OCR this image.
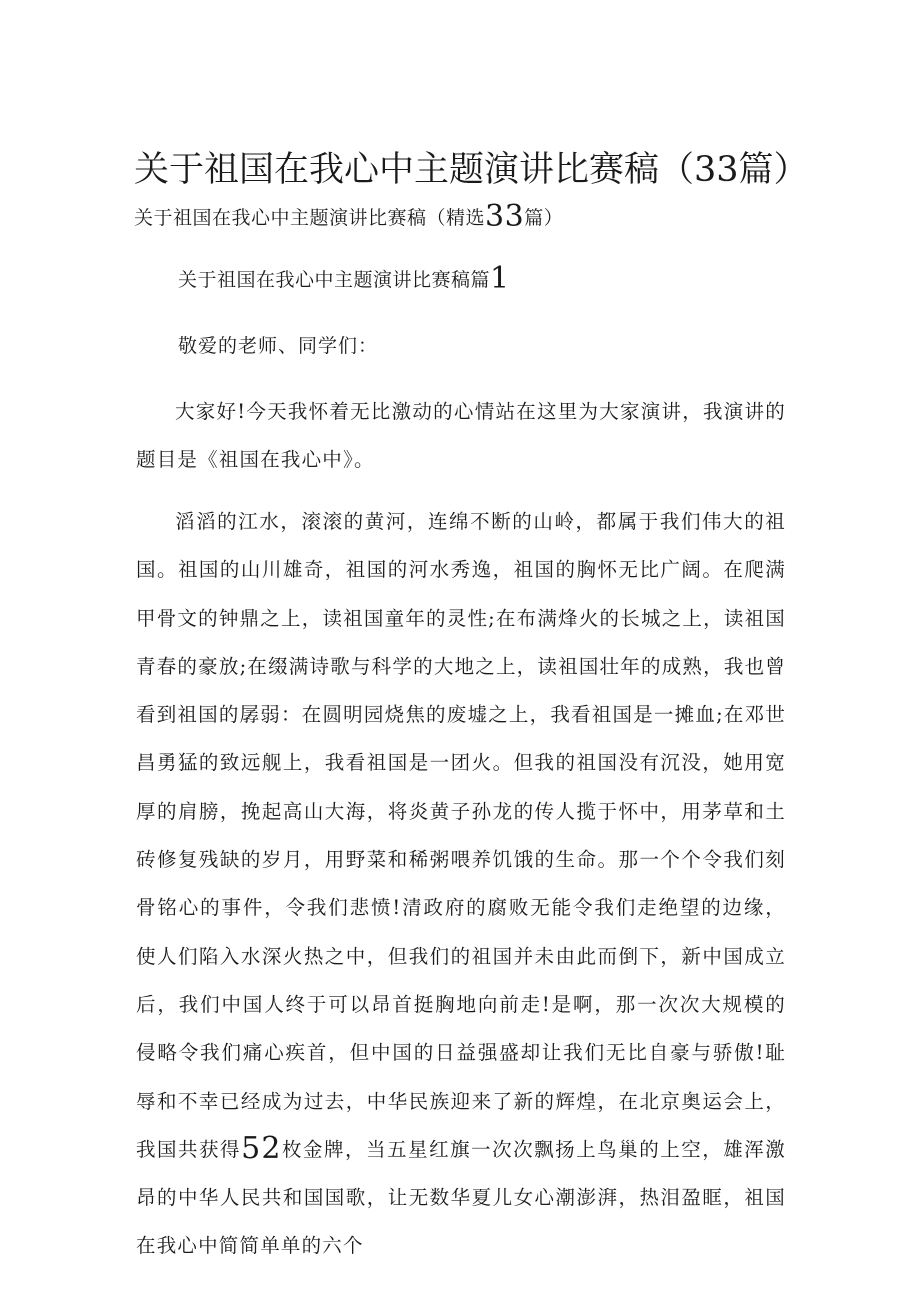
关于祖国在我心中主题演讲比赛稿（33篇）

关于祖国在我心中主题演讲比赛稿（精选33篇）

关于祖国在我心中主题演讲比赛稿篇1

敬爱的老师、同学们：

大家好!今天我怀着无比激动的心情站在这里为大家演讲，我演讲的题目是《祖国在我心中》。

滔滔的江水，滚滚的黄河，连绵不断的山岭，都属于我们伟大的祖国。祖国的山川雄奇，祖国的河水秀逸，祖国的胸怀无比广阔。在爬满甲骨文的钟鼎之上，读祖国童年的灵性;在布满烽火的长城之上，读祖国青春的豪放;在缀满诗歌与科学的大地之上，读祖国壮年的成熟，我也曾看到祖国的孱弱：在圆明园烧焦的废墟之上，我看祖国是一摊血;在邓世昌勇猛的致远舰上，我看祖国是一团火。但我的祖国没有沉没，她用宽厚的肩膀，挽起高山大海，将炎黄子孙龙的传人揽于怀中，用茅草和土砖修复残缺的岁月，用野菜和稀粥喂养饥饿的生命。那一个个令我们刻骨铭心的事件，令我们悲愤!清政府的腐败无能令我们走绝望的边缘，使人们陷入水深火热之中，但我们的祖国并未由此而倒下，新中国成立后，我们中国人终于可以昂首挺胸地向前走!是啊，那一次次大规模的侵略令我们痛心疾首，但中国的日益强盛却让我们无比自豪与骄傲!耻辱和不幸已经成为过去，中华民族迎来了新的辉煌，在北京奥运会上，我国共获得52枚金牌，当五星红旗一次次飘扬上鸟巢的上空，雄浑激昂的中华人民共和国国歌，让无数华夏儿女心潮澎湃，热泪盈眶，祖国在我心中简简单单的六个
